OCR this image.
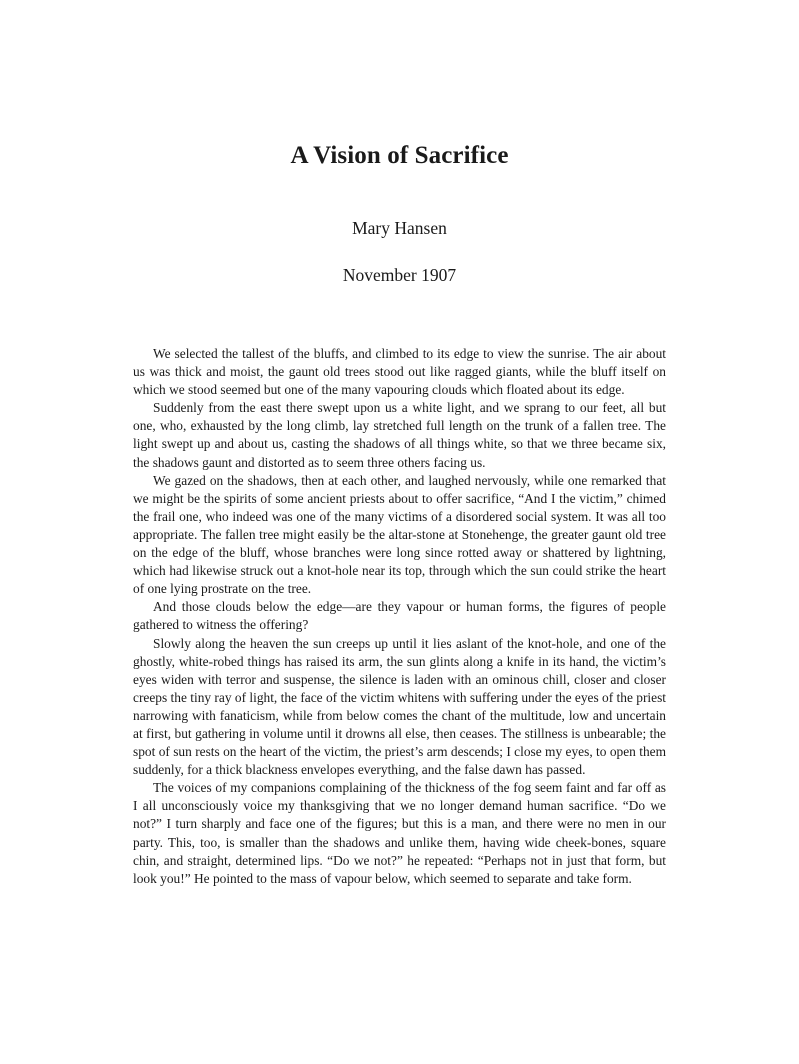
A Vision of Sacrifice
Mary Hansen
November 1907

We selected the tallest of the bluffs, and climbed to its edge to view the sunrise. The air about us was thick and moist, the gaunt old trees stood out like ragged giants, while the bluff itself on which we stood seemed but one of the many vapouring clouds which floated about its edge.

Suddenly from the east there swept upon us a white light, and we sprang to our feet, all but one, who, exhausted by the long climb, lay stretched full length on the trunk of a fallen tree. The light swept up and about us, casting the shadows of all things white, so that we three became six, the shadows gaunt and distorted as to seem three others facing us.

We gazed on the shadows, then at each other, and laughed nervously, while one remarked that we might be the spirits of some ancient priests about to offer sacrifice, “And I the victim,” chimed the frail one, who indeed was one of the many victims of a disordered social system. It was all too appropriate. The fallen tree might easily be the altar-stone at Stonehenge, the greater gaunt old tree on the edge of the bluff, whose branches were long since rotted away or shattered by lightning, which had likewise struck out a knot-hole near its top, through which the sun could strike the heart of one lying prostrate on the tree.

And those clouds below the edge—are they vapour or human forms, the figures of people gathered to witness the offering?

Slowly along the heaven the sun creeps up until it lies aslant of the knot-hole, and one of the ghostly, white-robed things has raised its arm, the sun glints along a knife in its hand, the victim’s eyes widen with terror and suspense, the silence is laden with an ominous chill, closer and closer creeps the tiny ray of light, the face of the victim whitens with suffering under the eyes of the priest narrowing with fanaticism, while from below comes the chant of the multitude, low and uncertain at first, but gathering in volume until it drowns all else, then ceases. The stillness is unbearable; the spot of sun rests on the heart of the victim, the priest’s arm descends; I close my eyes, to open them suddenly, for a thick blackness envelopes everything, and the false dawn has passed.

The voices of my companions complaining of the thickness of the fog seem faint and far off as I all unconsciously voice my thanksgiving that we no longer demand human sacrifice. “Do we not?” I turn sharply and face one of the figures; but this is a man, and there were no men in our party. This, too, is smaller than the shadows and unlike them, having wide cheek-bones, square chin, and straight, determined lips. “Do we not?” he repeated: “Perhaps not in just that form, but look you!” He pointed to the mass of vapour below, which seemed to separate and take form.
